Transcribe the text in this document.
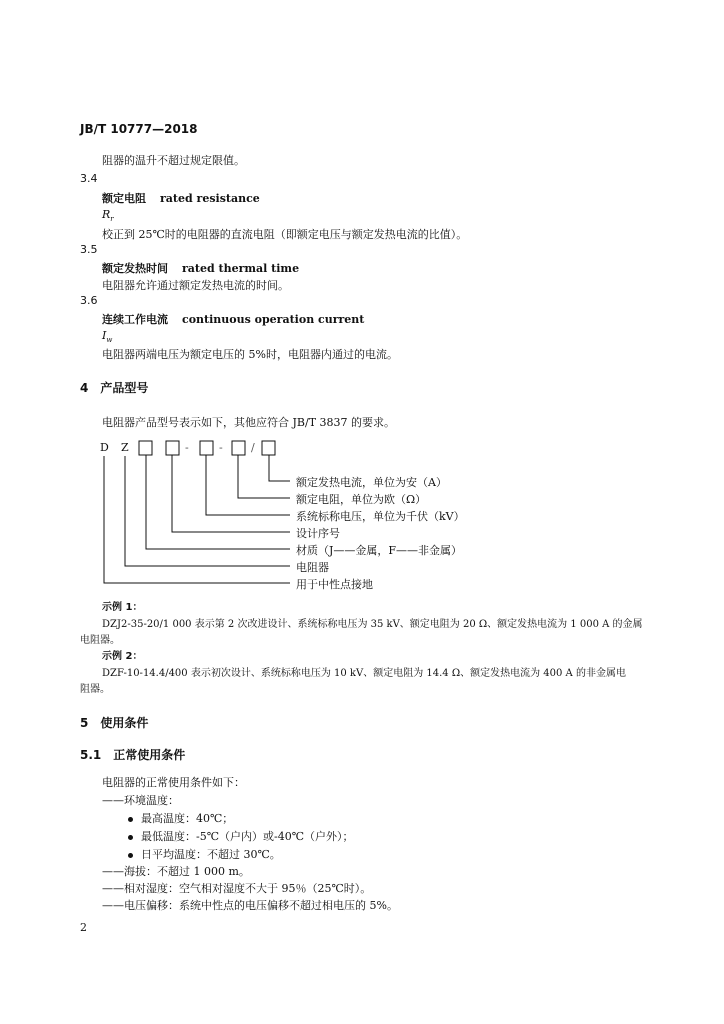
JB/T 10777—2018
阻器的温升不超过规定限值。
3.4
额定电阻 rated resistance
$R_r$
校正到 25℃时的电阻器的直流电阻（即额定电压与额定发热电流的比值）。
3.5
额定发热时间 rated thermal time
电阻器允许通过额定发热电流的时间。
3.6
连续工作电流 continuous operation current
$I_w$
电阻器两端电压为额定电压的 5%时，电阻器内通过的电流。
4　产品型号
电阻器产品型号表示如下，其他应符合 JB/T 3837 的要求。
D Z	-	-	/
额定发热电流，单位为安（A）
额定电阻，单位为欧（Ω）
系统标称电压，单位为千伏（kV）
设计序号
材质（J——金属，F——非金属）
电阻器
用于中性点接地
示例 1：
DZJ2-35-20/1 000 表示第 2 次改进设计、系统标称电压为 35 kV、额定电阻为 20 Ω、额定发热电流为 1 000 A 的金属
电阻器。
示例 2：
DZF-10-14.4/400 表示初次设计、系统标称电压为 10 kV、额定电阻为 14.4 Ω、额定发热电流为 400 A 的非金属电
阻器。
5　使用条件
5.1　正常使用条件
电阻器的正常使用条件如下：
——环境温度：
最高温度：40℃；
最低温度：-5℃（户内）或-40℃（户外）；
日平均温度：不超过 30℃。
——海拔：不超过 1 000 m。
——相对湿度：空气相对湿度不大于 95％（25℃时）。
——电压偏移：系统中性点的电压偏移不超过相电压的 5%。
2
